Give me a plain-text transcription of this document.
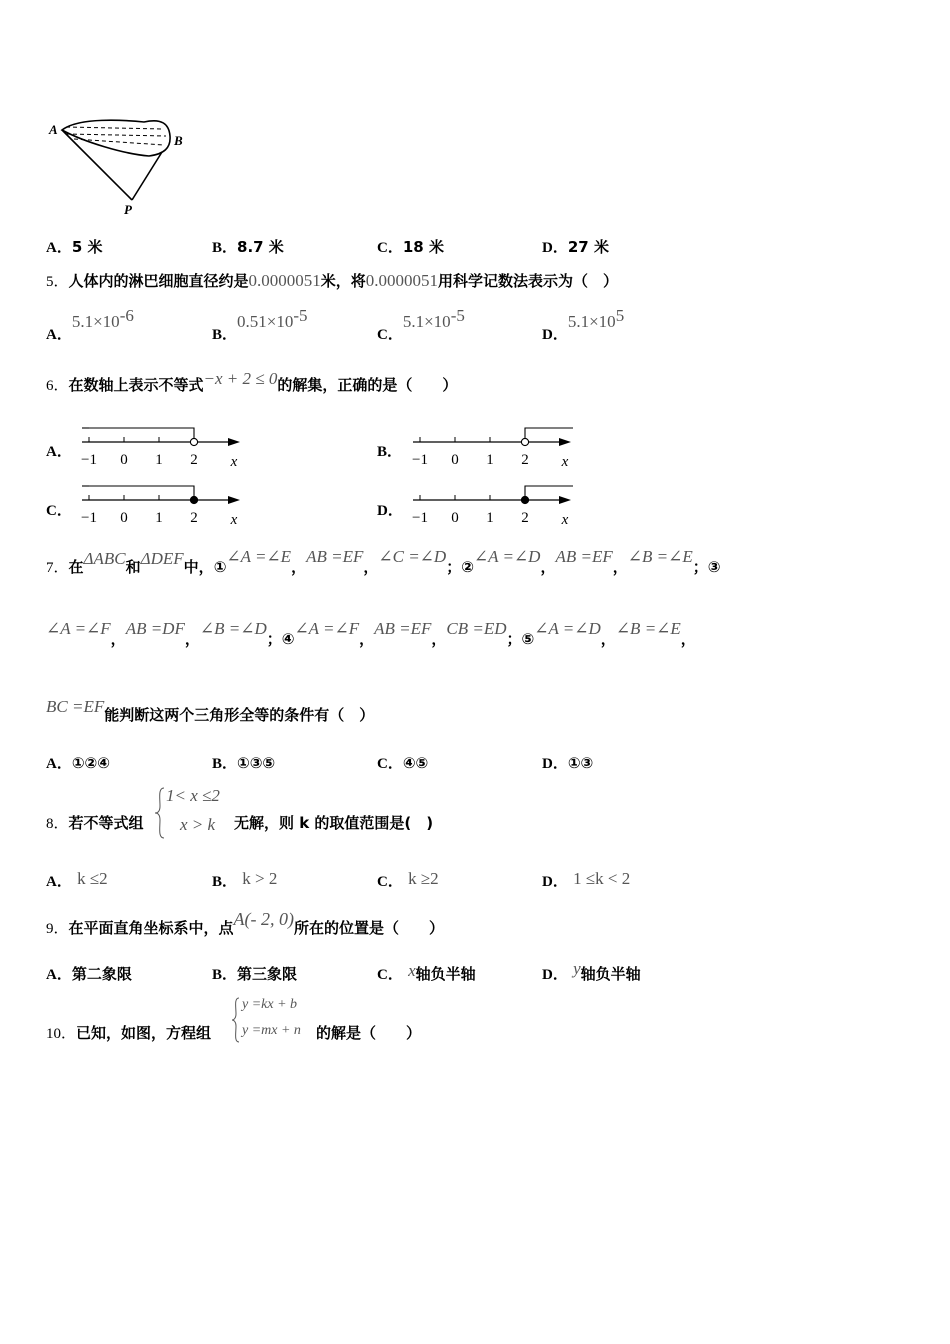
A
B
P
A．5 米	B．8.7 米	C．18 米	D．27 米
5．人体内的淋巴细胞直径约是0.0000051米，将0.0000051用科学记数法表示为（　）
A．$5.1\times 10^{-6}$
B．$0.51\times 10^{-5}$
C．$5.1\times 10^{-5}$
D．$5.1\times 10^5$
6．在数轴上表示不等式−x + 2 ≤ 0的解集，正确的是（　　）
A． −1 0 1 2 x
B． −1 0 1 2 x
C． −1 0 1 2 x
D． −1 0 1 2 x
7．在ΔABC和ΔDEF中，①∠A =∠E，AB =EF，∠C =∠D；②∠A =∠D，AB =EF，∠B =∠E；③
∠A =∠F，AB =DF，∠B =∠D；④∠A =∠F，AB =EF，CB =ED；⑤∠A =∠D，∠B =∠E，
BC =EF能判断这两个三角形全等的条件有（　）
A．①②④	B．①③⑤	C．④⑤	D．①③
8．若不等式组
1< x ≤2
x > k 无解，则 k 的取值范围是(　)
A． k ≤2	B． k > 2	C． k ≥2	D． 1 ≤k < 2
9．在平面直角坐标系中，点A(- 2, 0)所在的位置是（　　）
A．第二象限	B．第三象限	C． x轴负半轴	D． y轴负半轴
10．已知，如图，方程组
y =kx + b
y =mx + n 的解是（　　）
